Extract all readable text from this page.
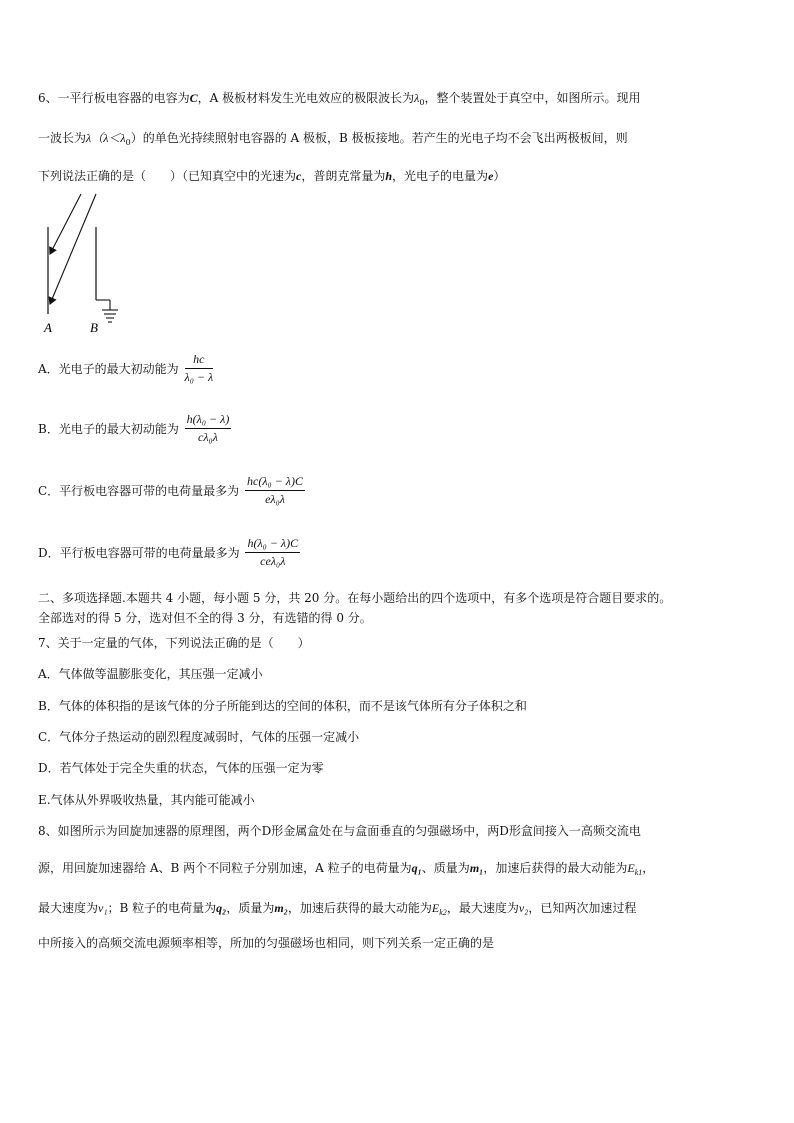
6、一平行板电容器的电容为C，A 极板材料发生光电效应的极限波长为$\lambda_0$，整个装置处于真空中，如图所示。现用
一波长为$\lambda(\lambda<\lambda_0)$的单色光持续照射电容器的 A 极板，B 极板接地。若产生的光电子均不会飞出两极板间，则
下列说法正确的是（　　）（已知真空中的光速为c，普朗克常量为h，光电子的电量为e）
A	B
A．光电子的最大初动能为 $\frac{hc}{\text{λ₀ − λ}}$
B．光电子的最大初动能为 $\frac{\text{h(λ₀ − λ)}}{\text{cλ₀λ}}$
C．平行板电容器可带的电荷量最多为 $\frac{\text{hc(λ₀ − λ)C}}{\text{eλ₀λ}}$
D．平行板电容器可带的电荷量最多为 $\frac{\text{h(λ₀ − λ)C}}{\text{ceλ₀λ}}$
二、多项选择题.本题共 4 小题，每小题 5 分，共 20 分。在每小题给出的四个选项中，有多个选项是符合题目要求的。
全部选对的得 5 分，选对但不全的得 3 分，有选错的得 0 分。
7、关于一定量的气体，下列说法正确的是（　　）
A．气体做等温膨胀变化，其压强一定减小
B．气体的体积指的是该气体的分子所能到达的空间的体积，而不是该气体所有分子体积之和
C．气体分子热运动的剧烈程度减弱时，气体的压强一定减小
D．若气体处于完全失重的状态，气体的压强一定为零
E.气体从外界吸收热量，其内能可能减小
8、如图所示为回旋加速器的原理图，两个D形金属盒处在与盒面垂直的匀强磁场中，两D形盒间接入一高频交流电
源，用回旋加速器给 A、B 两个不同粒子分别加速，A 粒子的电荷量为q₁、质量为m₁，加速后获得的最大动能为$E_{k1}$，
最大速度为v₁；B 粒子的电荷量为q₂，质量为m₂，加速后获得的最大动能为$E_{k2}$，最大速度为v₂，已知两次加速过程
中所接入的高频交流电源频率相等，所加的匀强磁场也相同，则下列关系一定正确的是
